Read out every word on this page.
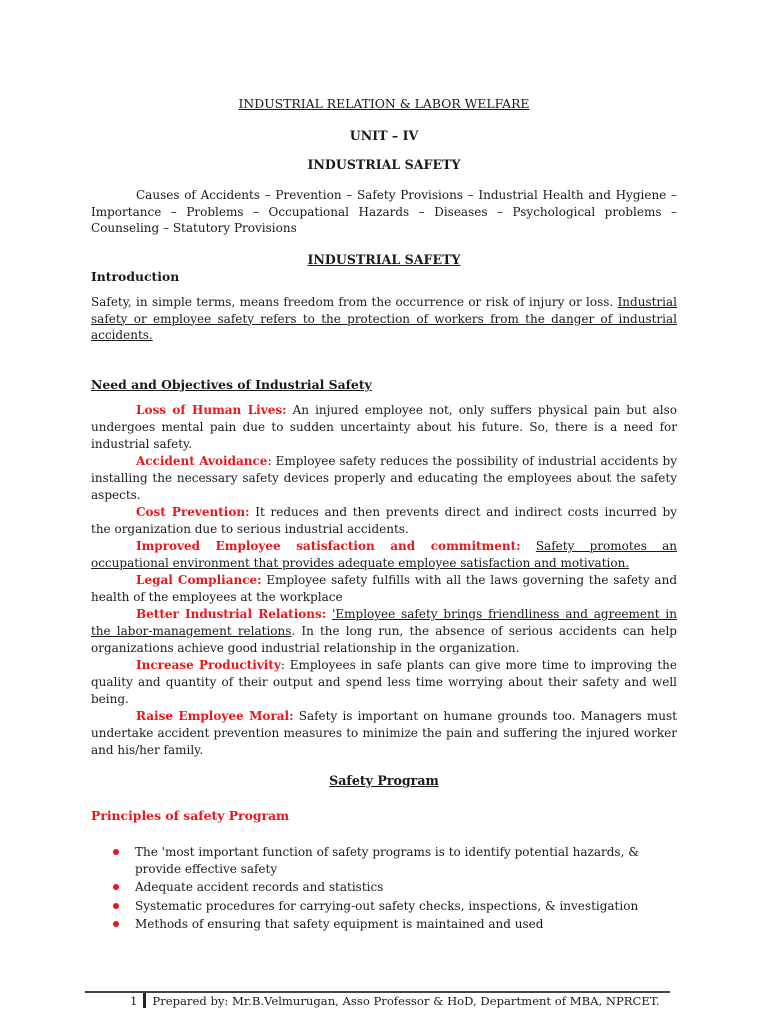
INDUSTRIAL RELATION & LABOR WELFARE
UNIT – IV
INDUSTRIAL SAFETY
Causes of Accidents – Prevention – Safety Provisions – Industrial Health and Hygiene – Importance – Problems – Occupational Hazards – Diseases – Psychological problems – Counseling – Statutory Provisions
INDUSTRIAL SAFETY
Introduction
Safety, in simple terms, means freedom from the occurrence or risk of injury or loss. Industrial safety or employee safety refers to the protection of workers from the danger of industrial accidents.
Need and Objectives of Industrial Safety
Loss of Human Lives: An injured employee not, only suffers physical pain but also undergoes mental pain due to sudden uncertainty about his future. So, there is a need for industrial safety.
Accident Avoidance: Employee safety reduces the possibility of industrial accidents by installing the necessary safety devices properly and educating the employees about the safety aspects.
Cost Prevention: It reduces and then prevents direct and indirect costs incurred by the organization due to serious industrial accidents.
Improved Employee satisfaction and commitment: Safety promotes an occupational environment that provides adequate employee satisfaction and motivation.
Legal Compliance: Employee safety fulfills with all the laws governing the safety and health of the employees at the workplace
Better Industrial Relations: 'Employee safety brings friendliness and agreement in the labor-management relations. In the long run, the absence of serious accidents can help organizations achieve good industrial relationship in the organization.
Increase Productivity: Employees in safe plants can give more time to improving the quality and quantity of their output and spend less time worrying about their safety and well being.
Raise Employee Moral: Safety is important on humane grounds too. Managers must undertake accident prevention measures to minimize the pain and suffering the injured worker and his/her family.
Safety Program
Principles of safety Program
The 'most important function of safety programs is to identify potential hazards, & provide effective safety
Adequate accident records and statistics
Systematic procedures for carrying-out safety checks, inspections, & investigation
Methods of ensuring that safety equipment is maintained and used
1 Prepared by: Mr.B.Velmurugan, Asso Professor & HoD, Department of MBA, NPRCET.
